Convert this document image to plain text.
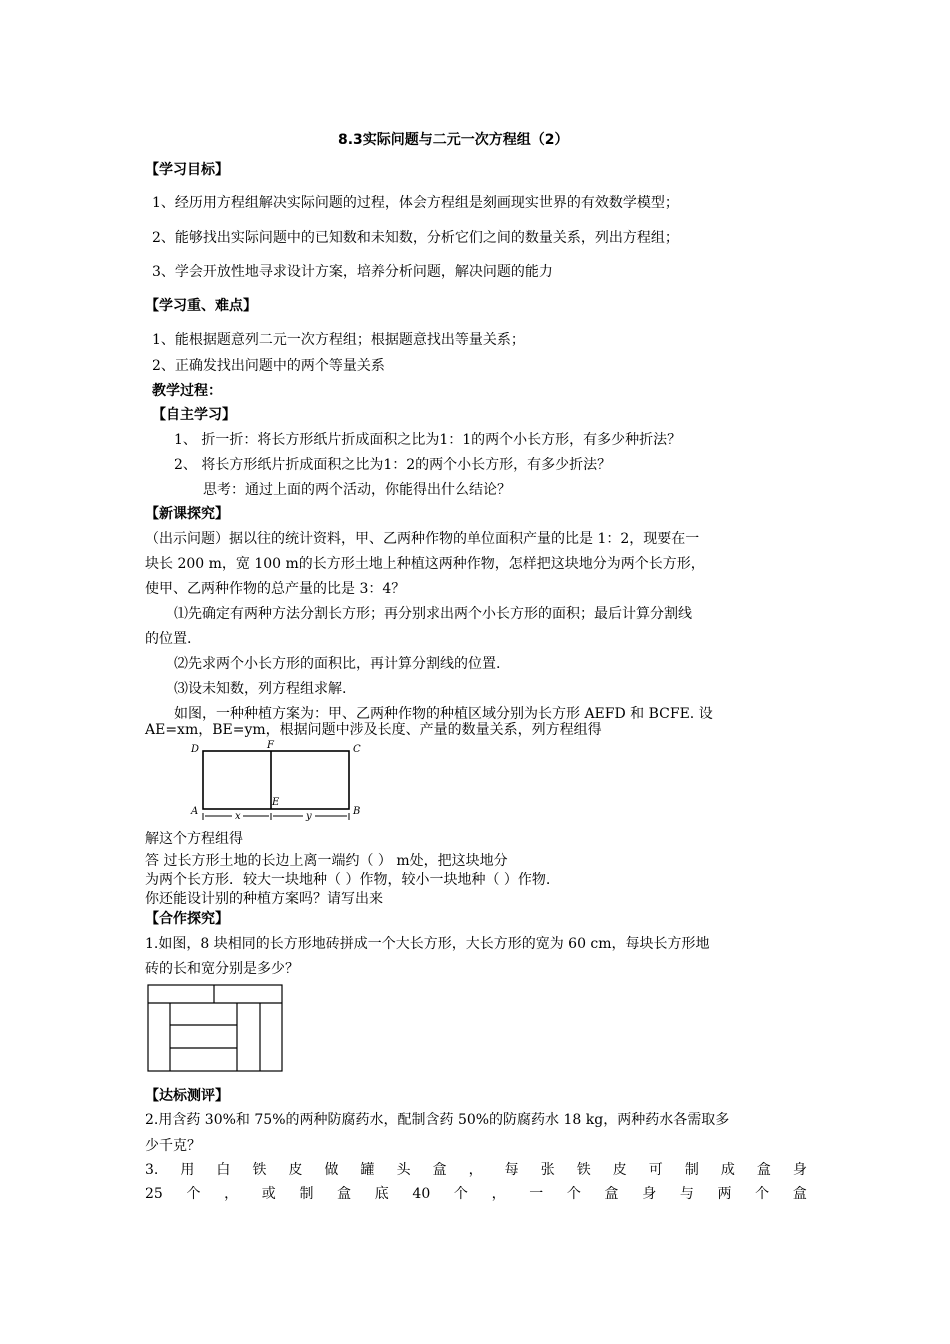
8.3实际问题与二元一次方程组（2）
【学习目标】
1、经历用方程组解决实际问题的过程，体会方程组是刻画现实世界的有效数学模型；
2、能够找出实际问题中的已知数和未知数，分析它们之间的数量关系，列出方程组；
3、学会开放性地寻求设计方案，培养分析问题，解决问题的能力
【学习重、难点】
1、能根据题意列二元一次方程组；根据题意找出等量关系；
2、正确发找出问题中的两个等量关系
教学过程：
【自主学习】
1、 折一折：将长方形纸片折成面积之比为1：1的两个小长方形，有多少种折法？
2、 将长方形纸片折成面积之比为1：2的两个小长方形，有多少折法？
思考：通过上面的两个活动，你能得出什么结论？
【新课探究】
（出示问题）据以往的统计资料，甲、乙两种作物的单位面积产量的比是 1：2，现要在一
块长 200 m，宽 100 m的长方形土地上种植这两种作物，怎样把这块地分为两个长方形，
使甲、乙两种作物的总产量的比是 3：4？
⑴先确定有两种方法分割长方形；再分别求出两个小长方形的面积；最后计算分割线
的位置.
⑵先求两个小长方形的面积比，再计算分割线的位置.
⑶设未知数，列方程组求解.
如图，一种种植方案为：甲、乙两种作物的种植区域分别为长方形 AEFD 和 BCFE. 设
AE=xm，BE=ym，根据问题中涉及长度、产量的数量关系，列方程组得
D	F	C
A
E
B
x	y
解这个方程组得
答 过长方形土地的长边上离一端约（ ） m处，把这块地分
为两个长方形．较大一块地种（ ）作物，较小一块地种（ ）作物.
你还能设计别的种植方案吗？请写出来
【合作探究】
1.如图，8 块相同的长方形地砖拼成一个大长方形，大长方形的宽为 60 cm，每块长方形地
砖的长和宽分别是多少？
【达标测评】
2.用含药 30%和 75%的两种防腐药水，配制含药 50%的防腐药水 18 kg，两种药水各需取多
少千克？
3. 用 白 铁 皮 做 罐 头 盒 ， 每 张 铁 皮 可 制 成 盒 身
25 个 ， 或 制 盒 底 40 个 ， 一 个 盒 身 与 两 个 盒
